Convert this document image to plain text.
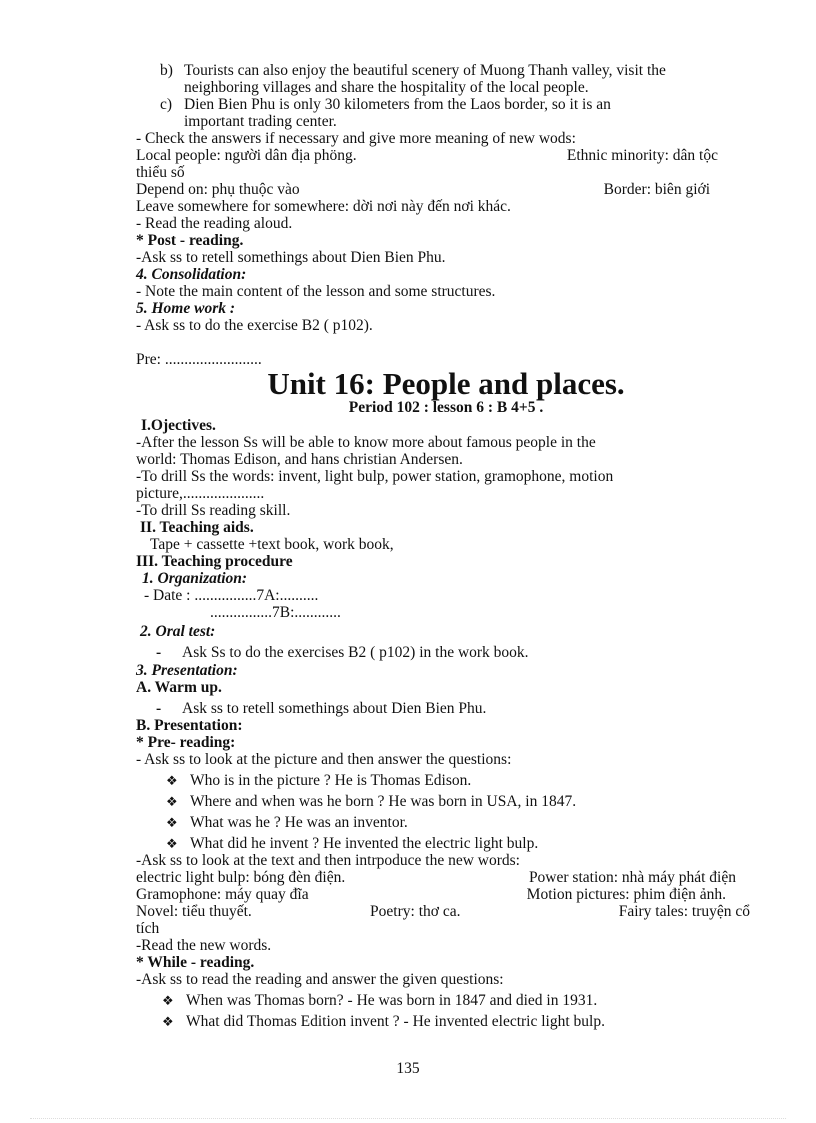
b) Tourists can also enjoy the beautiful scenery of Muong Thanh valley, visit the
neighboring villages and share the hospitality of the local people.
c) Dien Bien Phu is only 30 kilometers from the Laos border, so it is an
important trading center.
- Check the answers if necessary and give more meaning of new wods:
Local people: người dân địa phöng.	Ethnic minority: dân tộc
thiểu số
Depend on: phụ thuộc vào	Border: biên giới
Leave somewhere for somewhere: dời nơi này đến nơi khác.
- Read the reading aloud.
* Post - reading.
-Ask ss to retell somethings about Dien Bien Phu.
4. Consolidation:
- Note the main content of the lesson and some structures.
5. Home work :
- Ask ss to do the exercise B2 ( p102).
Pre: .........................
Unit 16: People and places.
Period 102 : lesson 6 : B 4+5 .
I.Ojectives.
-After the lesson Ss will be able to know more about famous people in the
world: Thomas Edison, and hans christian Andersen.
-To drill Ss the words: invent, light bulp, power station, gramophone, motion
picture,.....................
-To drill Ss reading skill.
II. Teaching aids.
Tape + cassette +text book, work book,
III. Teaching procedure
1. Organization:
- Date : ................7A:..........
................7B:............
2. Oral test:
- Ask Ss to do the exercises B2 ( p102) in the work book.
3. Presentation:
A. Warm up.
- Ask ss to retell somethings about Dien Bien Phu.
B. Presentation:
* Pre- reading:
- Ask ss to look at the picture and then answer the questions:
❖ Who is in the picture ? He is Thomas Edison.
❖ Where and when was he born ? He was born in USA, in 1847.
❖ What was he ? He was an inventor.
❖ What did he invent ? He invented the electric light bulp.
-Ask ss to look at the text and then intrpoduce the new words:
electric light bulp: bóng đèn điện.	Power station: nhà máy phát điện
Gramophone: máy quay đĩa	Motion pictures: phim điện ảnh.
Novel: tiểu thuyết.	Poetry: thơ ca.	Fairy tales: truyện cổ
tích
-Read the new words.
* While - reading.
-Ask ss to read the reading and answer the given questions:
❖ When was Thomas born? - He was born in 1847 and died in 1931.
❖ What did Thomas Edition invent ? - He invented electric light bulp.
135
